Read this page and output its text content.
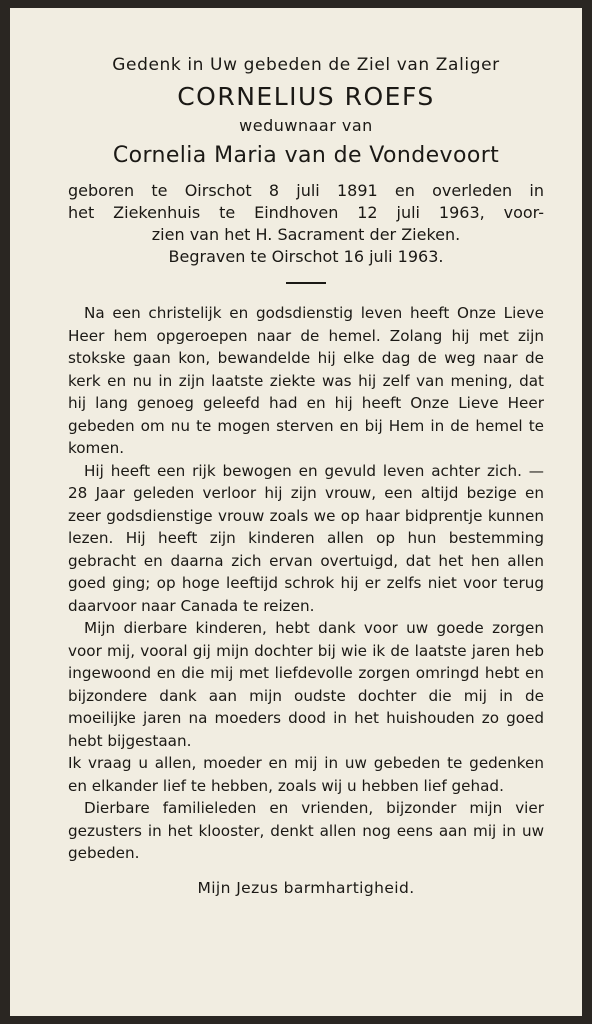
Gedenk in Uw gebeden de Ziel van Zaliger

CORNELIUS ROEFS

weduwnaar van

Cornelia Maria van de Vondevoort

geboren te Oirschot 8 juli 1891 en overleden in
het Ziekenhuis te Eindhoven 12 juli 1963, voor-
zien van het H. Sacrament der Zieken.
Begraven te Oirschot 16 juli 1963.

Na een christelijk en godsdienstig leven heeft Onze Lieve Heer hem opgeroepen naar de hemel. Zolang hij met zijn stokske gaan kon, bewandelde hij elke dag de weg naar de kerk en nu in zijn laatste ziekte was hij zelf van mening, dat hij lang genoeg geleefd had en hij heeft Onze Lieve Heer gebeden om nu te mogen sterven en bij Hem in de hemel te komen.

Hij heeft een rijk bewogen en gevuld leven achter zich. — 28 Jaar geleden verloor hij zijn vrouw, een altijd bezige en zeer godsdienstige vrouw zoals we op haar bidprentje kunnen lezen. Hij heeft zijn kinderen allen op hun bestemming gebracht en daarna zich ervan overtuigd, dat het hen allen goed ging; op hoge leeftijd schrok hij er zelfs niet voor terug daarvoor naar Canada te reizen.

Mijn dierbare kinderen, hebt dank voor uw goede zorgen voor mij, vooral gij mijn dochter bij wie ik de laatste jaren heb ingewoond en die mij met liefdevolle zorgen omringd hebt en bijzondere dank aan mijn oudste dochter die mij in de moeilijke jaren na moeders dood in het huishouden zo goed hebt bijgestaan.

Ik vraag u allen, moeder en mij in uw gebeden te gedenken en elkander lief te hebben, zoals wij u hebben lief gehad.

Dierbare familieleden en vrienden, bijzonder mijn vier gezusters in het klooster, denkt allen nog eens aan mij in uw gebeden.

Mijn Jezus barmhartigheid.
